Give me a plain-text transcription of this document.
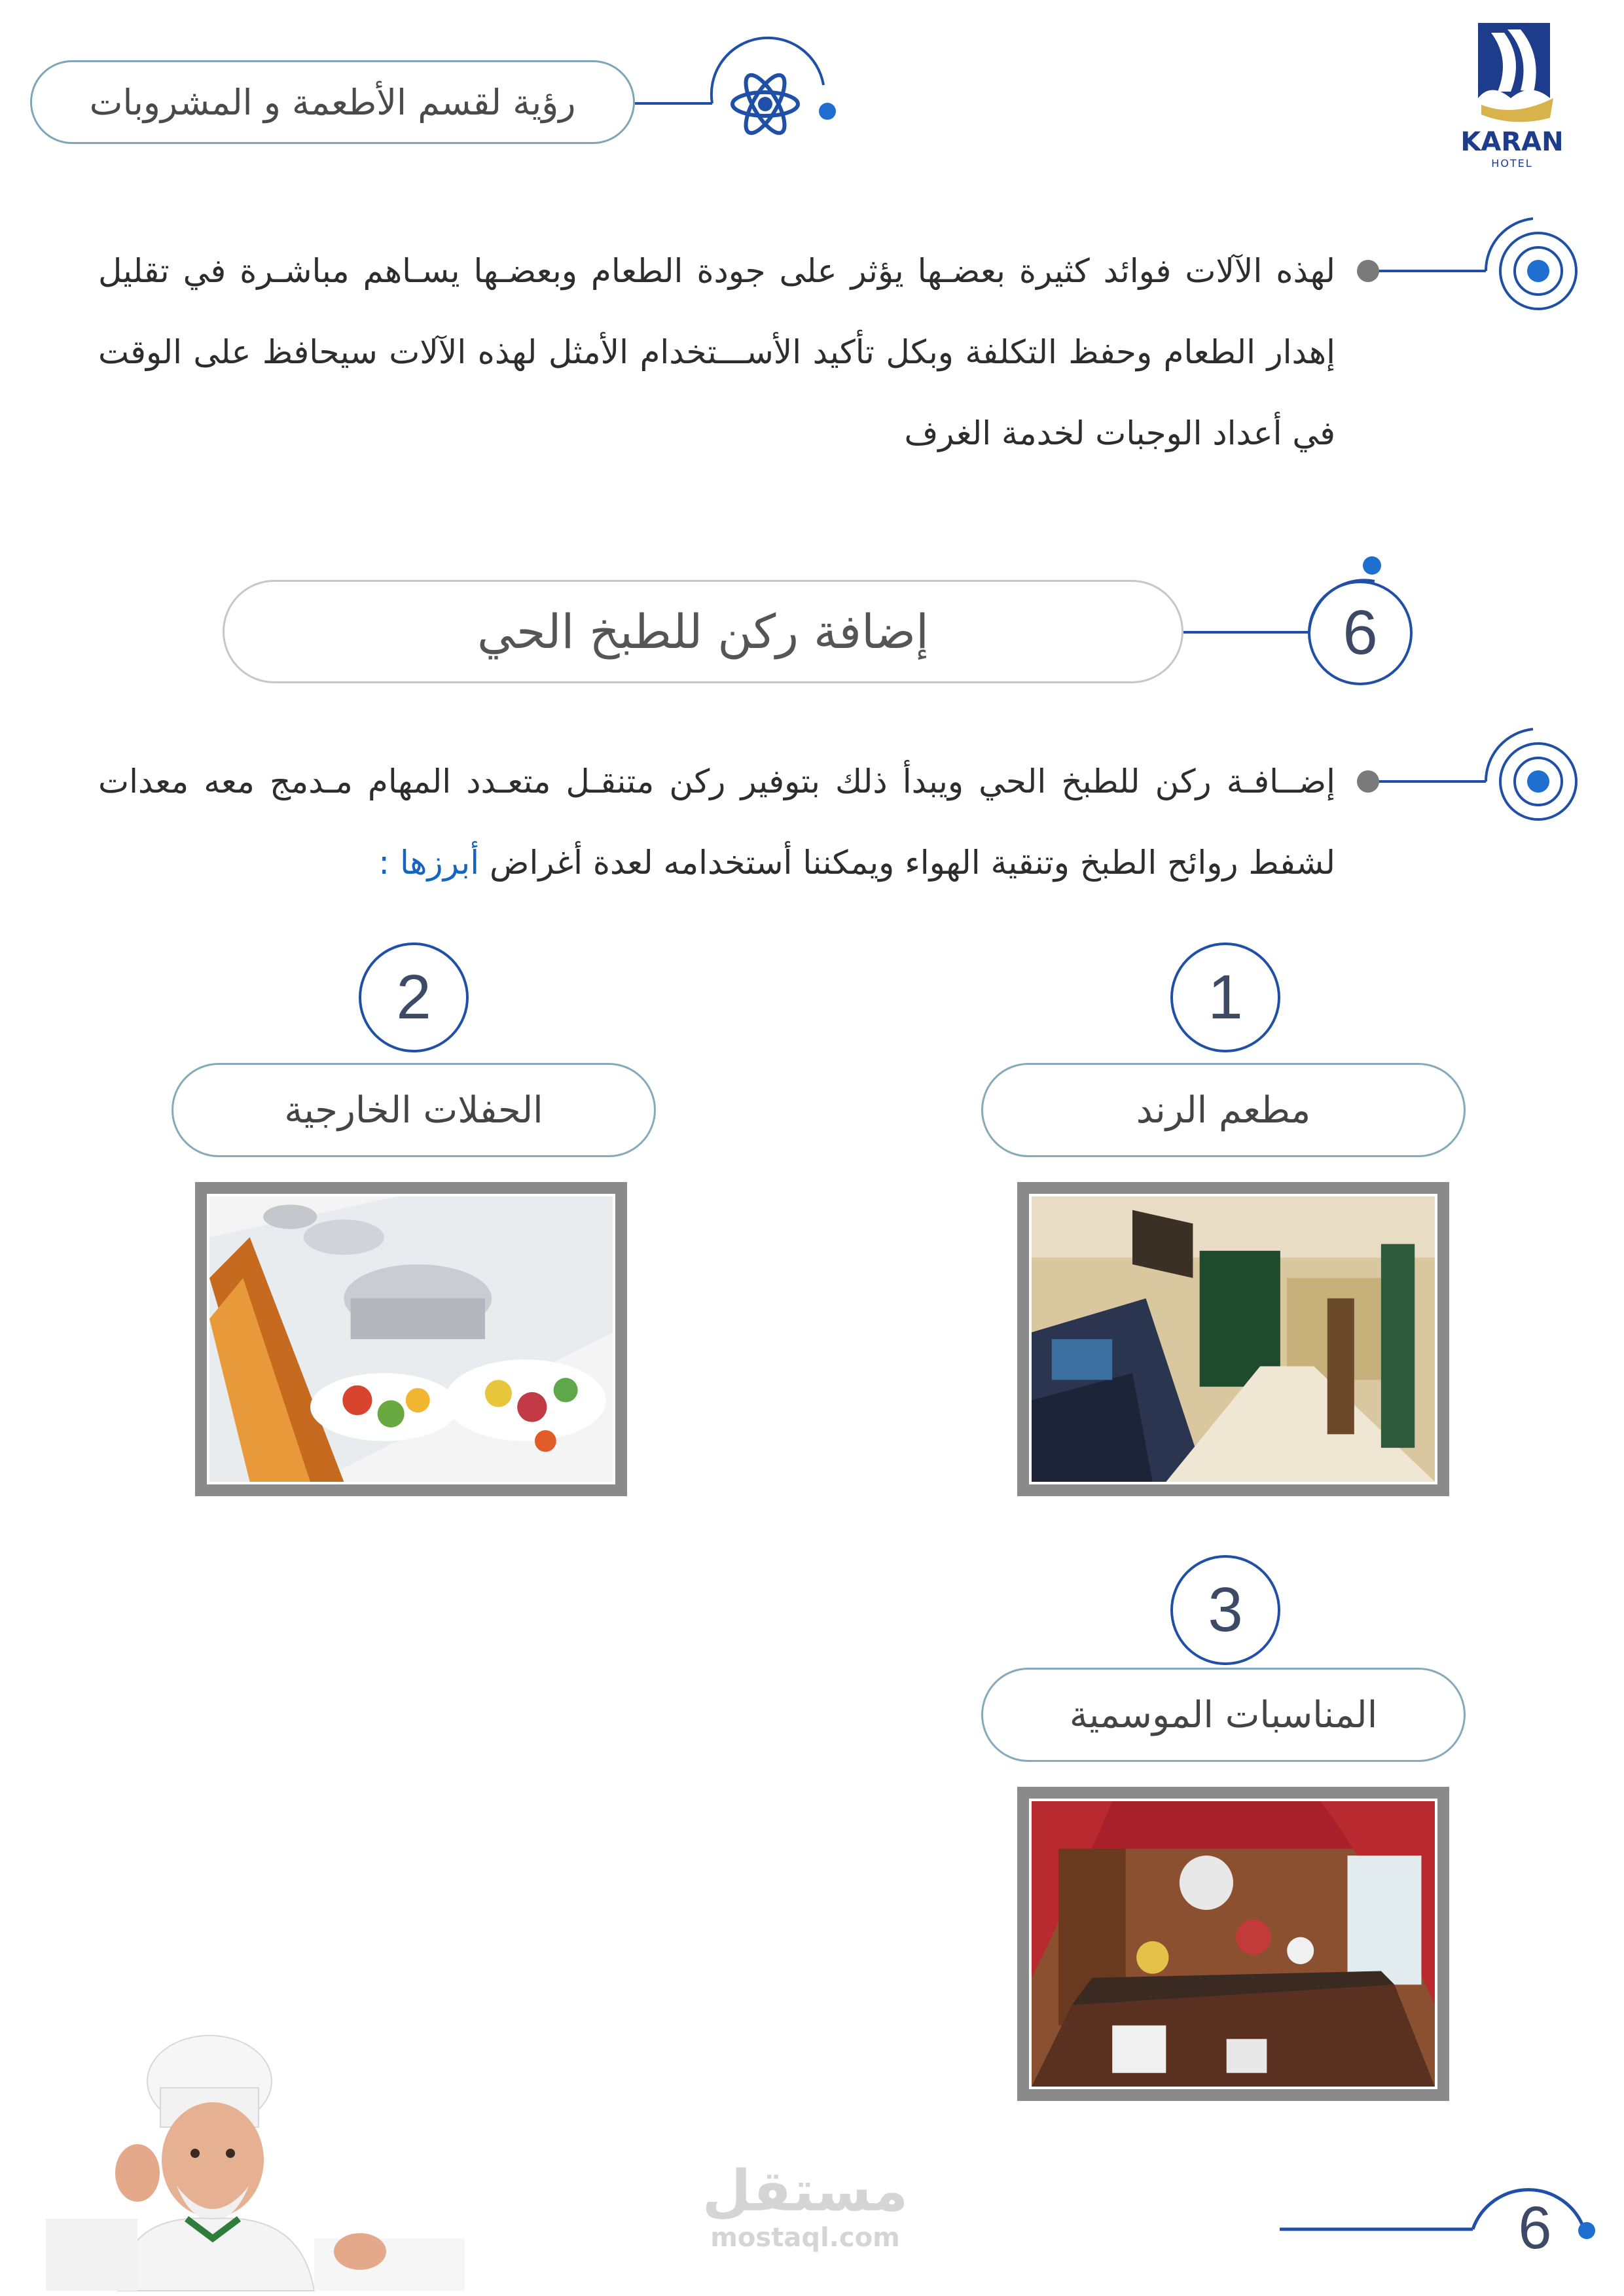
رؤية لقسم الأطعمة و المشروبات
KARAN
HOTEL
لهذه الآلات فوائد كثيرة بعضـها يؤثر على جودة الطعام وبعضـها يسـاهم مباشـرة في تقليل إهدار الطعام وحفظ التكلفة وبكل تأكيد الأســـتخدام الأمثل لهذه الآلات سيحافظ على الوقت في أعداد الوجبات لخدمة الغرف
6
إضافة ركن للطبخ الحي
إضــافـة ركن للطبخ الحي ويبدأ ذلك بتوفير ركن متنقـل متعـدد المهام مـدمج معه معدات لشفط روائح الطبخ وتنقية الهواء ويمكننا أستخدامه لعدة أغراض أبرزها :
1
مطعم الرند
2
الحفلات الخارجية
3
المناسبات الموسمية
مستقل
mostaql.com	6
